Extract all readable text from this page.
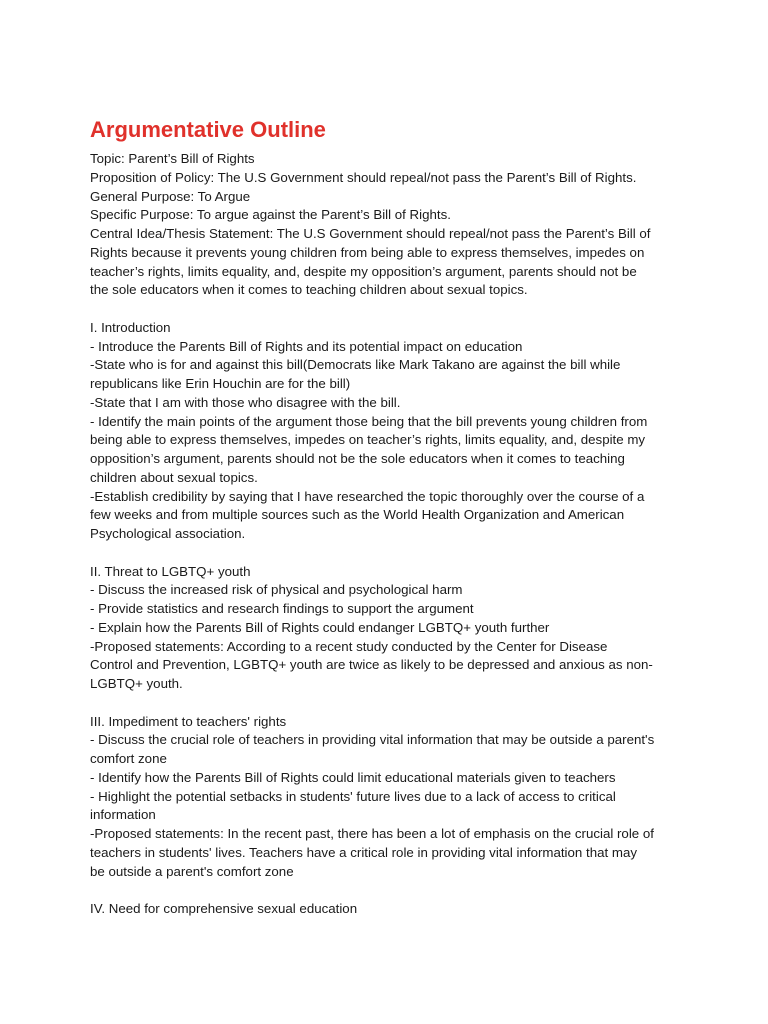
Argumentative Outline
Topic: Parent’s Bill of Rights
Proposition of Policy: The U.S Government should repeal/not pass the Parent’s Bill of Rights.
General Purpose: To Argue
Specific Purpose: To argue against the Parent’s Bill of Rights.
Central Idea/Thesis Statement: The U.S Government should repeal/not pass the Parent’s Bill of
Rights because it prevents young children from being able to express themselves, impedes on
teacher’s rights, limits equality, and, despite my opposition’s argument, parents should not be
the sole educators when it comes to teaching children about sexual topics.
I. Introduction
- Introduce the Parents Bill of Rights and its potential impact on education
-State who is for and against this bill(Democrats like Mark Takano are against the bill while
republicans like Erin Houchin are for the bill)
-State that I am with those who disagree with the bill.
- Identify the main points of the argument those being that the bill prevents young children from
being able to express themselves, impedes on teacher’s rights, limits equality, and, despite my
opposition’s argument, parents should not be the sole educators when it comes to teaching
children about sexual topics.
-Establish credibility by saying that I have researched the topic thoroughly over the course of a
few weeks and from multiple sources such as the World Health Organization and American
Psychological association.
II. Threat to LGBTQ+ youth
- Discuss the increased risk of physical and psychological harm
- Provide statistics and research findings to support the argument
- Explain how the Parents Bill of Rights could endanger LGBTQ+ youth further
-Proposed statements: According to a recent study conducted by the Center for Disease
Control and Prevention, LGBTQ+ youth are twice as likely to be depressed and anxious as non-
LGBTQ+ youth.
III. Impediment to teachers' rights
- Discuss the crucial role of teachers in providing vital information that may be outside a parent's
comfort zone
- Identify how the Parents Bill of Rights could limit educational materials given to teachers
- Highlight the potential setbacks in students' future lives due to a lack of access to critical
information
-Proposed statements: In the recent past, there has been a lot of emphasis on the crucial role of
teachers in students' lives. Teachers have a critical role in providing vital information that may
be outside a parent's comfort zone
IV. Need for comprehensive sexual education
